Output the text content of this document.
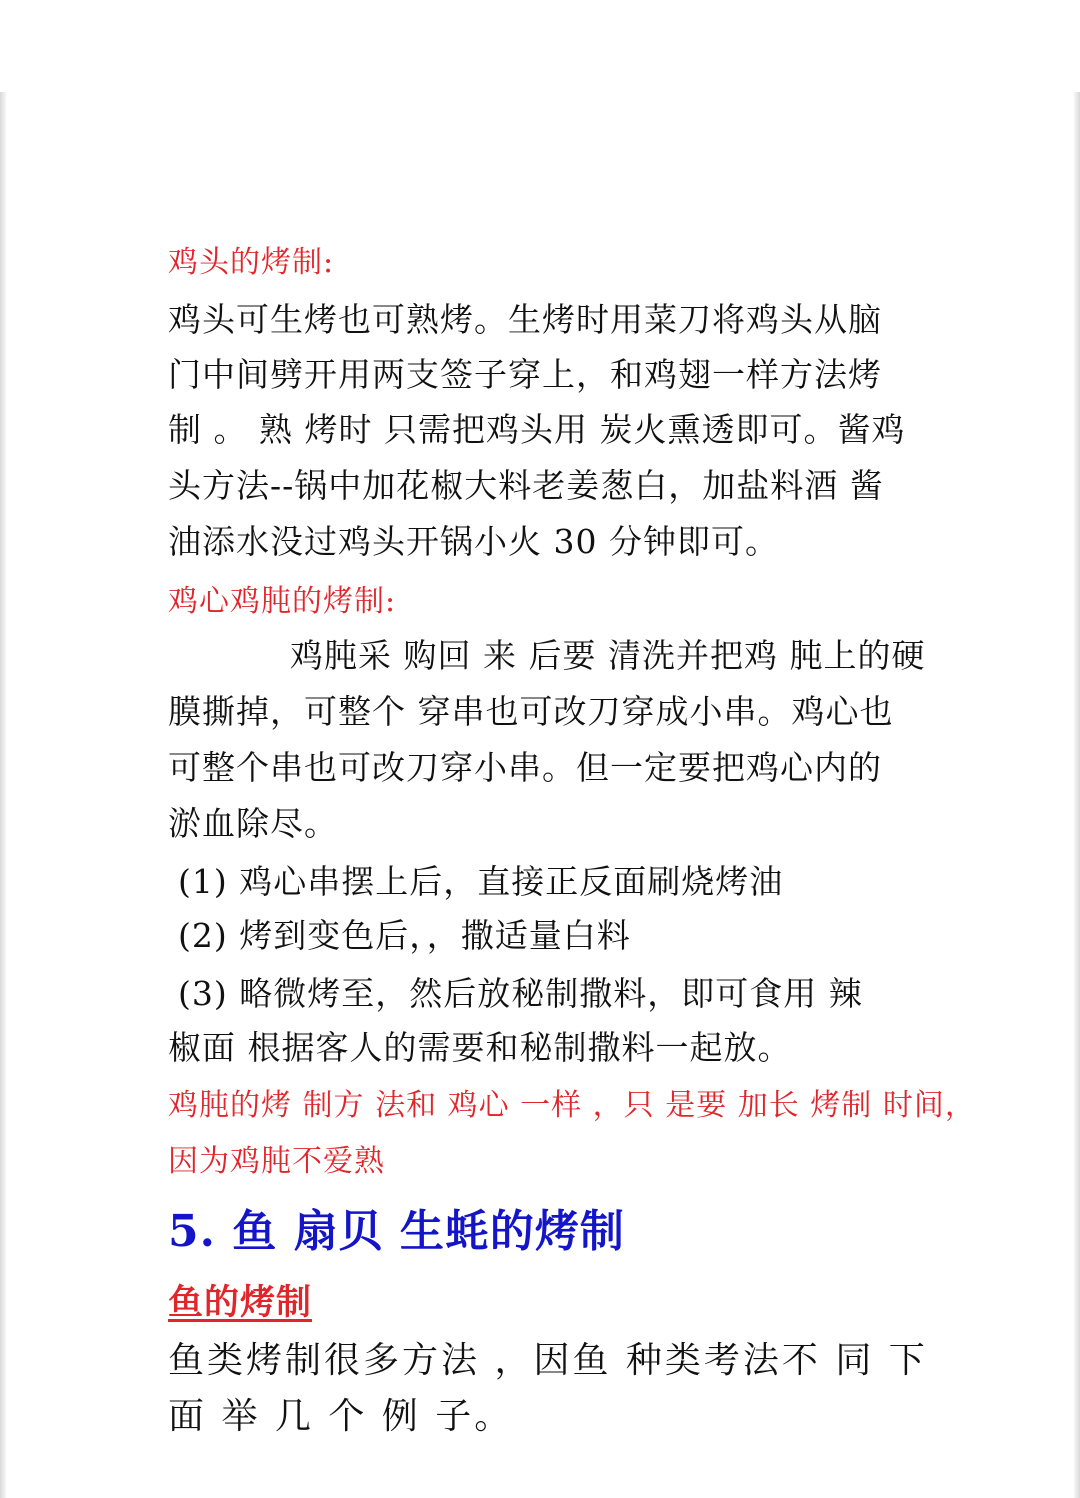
鸡头的烤制:
鸡头可生烤也可熟烤。生烤时用菜刀将鸡头从脑
门中间劈开用两支签子穿上，和鸡翅一样方法烤
制 。 熟 烤时 只需把鸡头用 炭火熏透即可。酱鸡
头方法--锅中加花椒大料老姜葱白，加盐料酒 酱
油添水没过鸡头开锅小火 30 分钟即可。
鸡心鸡肫的烤制:
鸡肫采 购回 来 后要 清洗并把鸡 肫上的硬
膜撕掉，可整个 穿串也可改刀穿成小串。鸡心也
可整个串也可改刀穿小串。但一定要把鸡心内的
淤血除尽。
(1) 鸡心串摆上后，直接正反面刷烧烤油
(2) 烤到变色后，，撒适量白料
(3) 略微烤至，然后放秘制撒料，即可食用 辣
椒面 根据客人的需要和秘制撒料一起放。
鸡肫的烤 制方 法和 鸡心 一样 ，只 是要 加长 烤制 时间，
因为鸡肫不爱熟
5. 鱼 扇贝 生蚝的烤制
鱼的烤制
鱼类烤制很多方法 ，因鱼 种类考法不 同 下
面 举 几 个 例 子。
